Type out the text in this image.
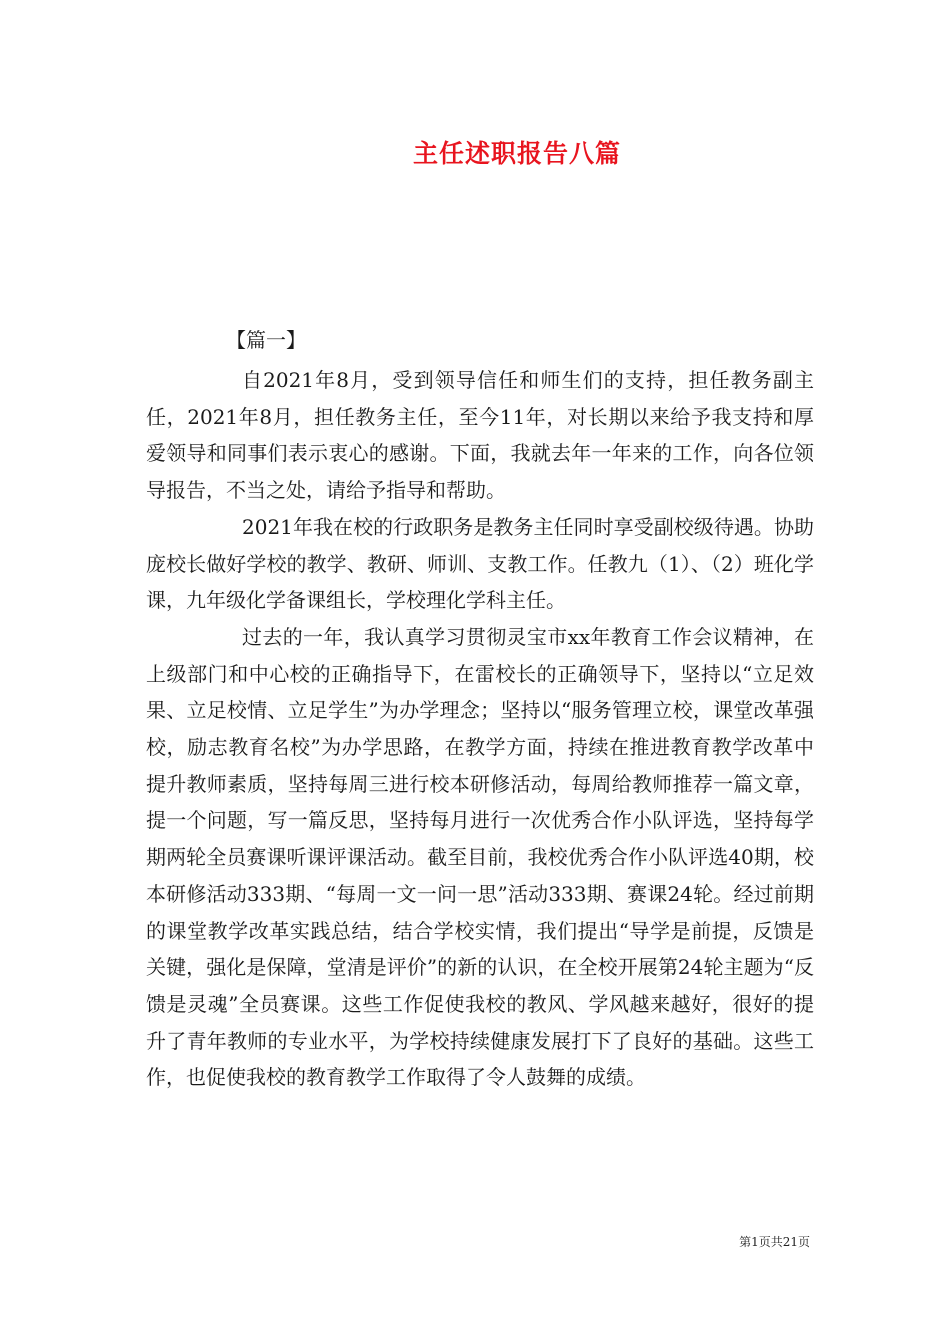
主任述职报告八篇
【篇一】

自2021年8月，受到领导信任和师生们的支持，担任教务副主任，2021年8月，担任教务主任，至今11年，对长期以来给予我支持和厚爱领导和同事们表示衷心的感谢。下面，我就去年一年来的工作，向各位领导报告，不当之处，请给予指导和帮助。

2021年我在校的行政职务是教务主任同时享受副校级待遇。协助庞校长做好学校的教学、教研、师训、支教工作。任教九（1）、（2）班化学课，九年级化学备课组长，学校理化学科主任。

过去的一年，我认真学习贯彻灵宝市xx年教育工作会议精神，在上级部门和中心校的正确指导下，在雷校长的正确领导下，坚持以“立足效果、立足校情、立足学生”为办学理念；坚持以“服务管理立校，课堂改革强校，励志教育名校”为办学思路，在教学方面，持续在推进教育教学改革中提升教师素质，坚持每周三进行校本研修活动，每周给教师推荐一篇文章，提一个问题，写一篇反思，坚持每月进行一次优秀合作小队评选，坚持每学期两轮全员赛课听课评课活动。截至目前，我校优秀合作小队评选40期，校本研修活动333期、“每周一文一问一思”活动333期、赛课24轮。经过前期的课堂教学改革实践总结，结合学校实情，我们提出“导学是前提，反馈是关键，强化是保障，堂清是评价”的新的认识，在全校开展第24轮主题为“反馈是灵魂”全员赛课。这些工作促使我校的教风、学风越来越好，很好的提升了青年教师的专业水平，为学校持续健康发展打下了良好的基础。这些工作，也促使我校的教育教学工作取得了令人鼓舞的成绩。

第1页共21页
